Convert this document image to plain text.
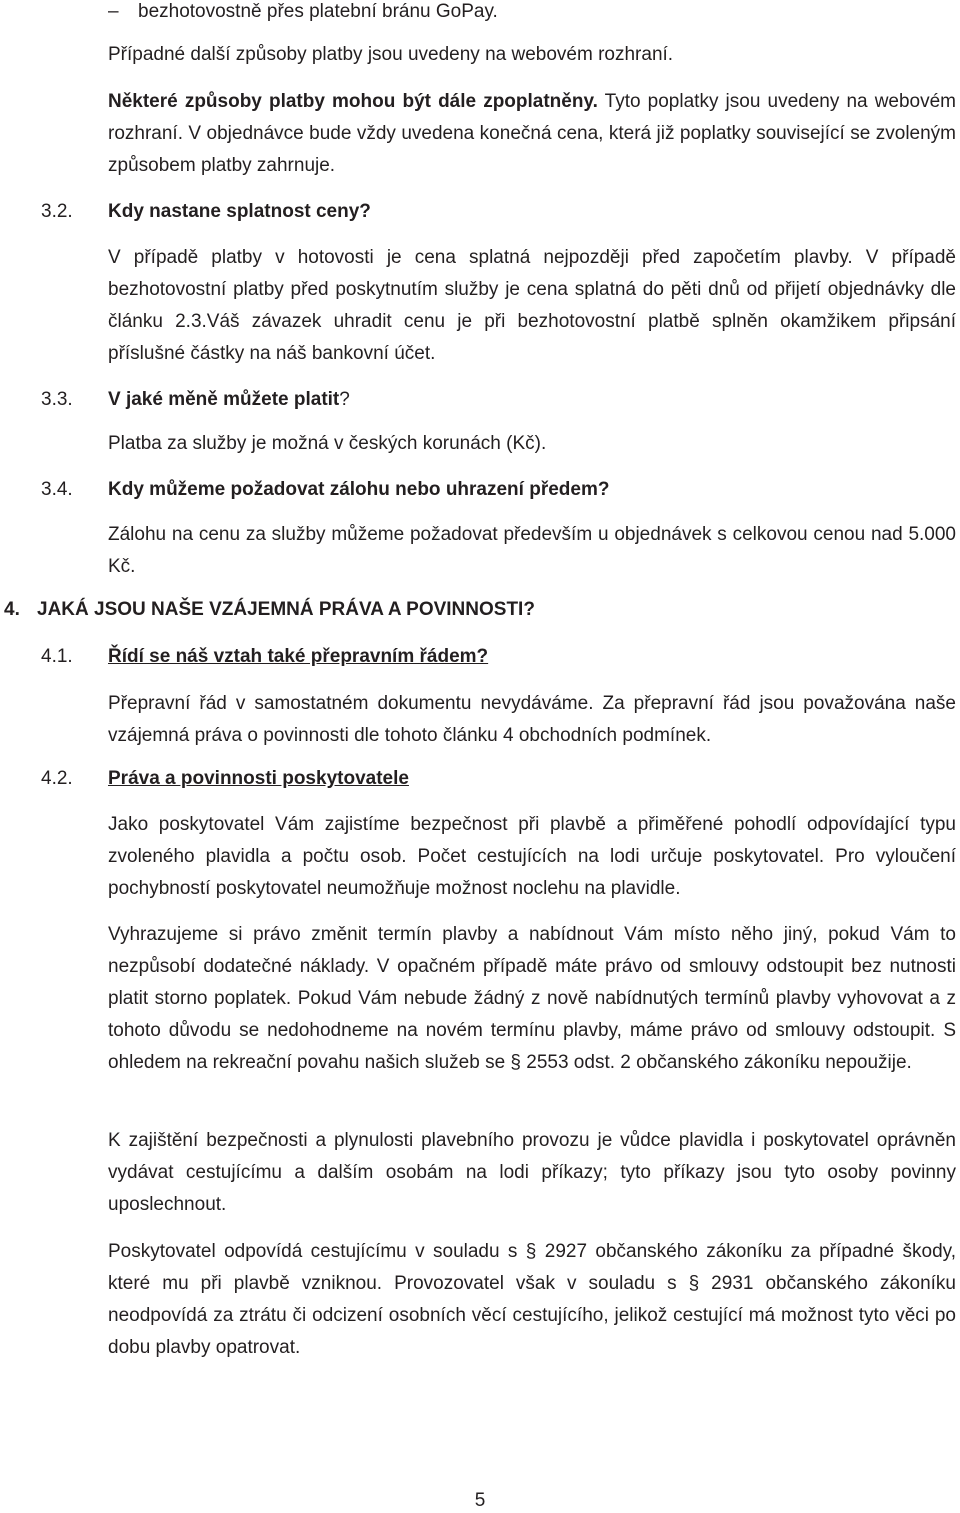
– bezhotovostně přes platební bránu GoPay.

Případné další způsoby platby jsou uvedeny na webovém rozhraní.

Některé způsoby platby mohou být dále zpoplatněny. Tyto poplatky jsou uvedeny na webovém rozhraní. V objednávce bude vždy uvedena konečná cena, která již poplatky související se zvoleným způsobem platby zahrnuje.

3.2. Kdy nastane splatnost ceny?

V případě platby v hotovosti je cena splatná nejpozději před započetím plavby. V případě bezhotovostní platby před poskytnutím služby je cena splatná do pěti dnů od přijetí objednávky dle článku 2.3.Váš závazek uhradit cenu je při bezhotovostní platbě splněn okamžikem připsání příslušné částky na náš bankovní účet.

3.3. V jaké měně můžete platit?

Platba za služby je možná v českých korunách (Kč).

3.4. Kdy můžeme požadovat zálohu nebo uhrazení předem?

Zálohu na cenu za služby můžeme požadovat především u objednávek s celkovou cenou nad 5.000 Kč.

4. JAKÁ JSOU NAŠE VZÁJEMNÁ PRÁVA A POVINNOSTI?
4.1. Řídí se náš vztah také přepravním řádem?

Přepravní řád v samostatném dokumentu nevydáváme. Za přepravní řád jsou považována naše vzájemná práva o povinnosti dle tohoto článku 4 obchodních podmínek.

4.2. Práva a povinnosti poskytovatele

Jako poskytovatel Vám zajistíme bezpečnost při plavbě a přiměřené pohodlí odpovídající typu zvoleného plavidla a počtu osob. Počet cestujících na lodi určuje poskytovatel. Pro vyloučení pochybností poskytovatel neumožňuje možnost noclehu na plavidle.

Vyhrazujeme si právo změnit termín plavby a nabídnout Vám místo něho jiný, pokud Vám to nezpůsobí dodatečné náklady. V opačném případě máte právo od smlouvy odstoupit bez nutnosti platit storno poplatek. Pokud Vám nebude žádný z nově nabídnutých termínů plavby vyhovovat a z tohoto důvodu se nedohodneme na novém termínu plavby, máme právo od smlouvy odstoupit. S ohledem na rekreační povahu našich služeb se § 2553 odst. 2 občanského zákoníku nepoužije.

K zajištění bezpečnosti a plynulosti plavebního provozu je vůdce plavidla i poskytovatel oprávněn vydávat cestujícímu a dalším osobám na lodi příkazy; tyto příkazy jsou tyto osoby povinny uposlechnout.

Poskytovatel odpovídá cestujícímu v souladu s § 2927 občanského zákoníku za případné škody, které mu při plavbě vzniknou. Provozovatel však v souladu s § 2931 občanského zákoníku neodpovídá za ztrátu či odcizení osobních věcí cestujícího, jelikož cestující má možnost tyto věci po dobu plavby opatrovat.

5
